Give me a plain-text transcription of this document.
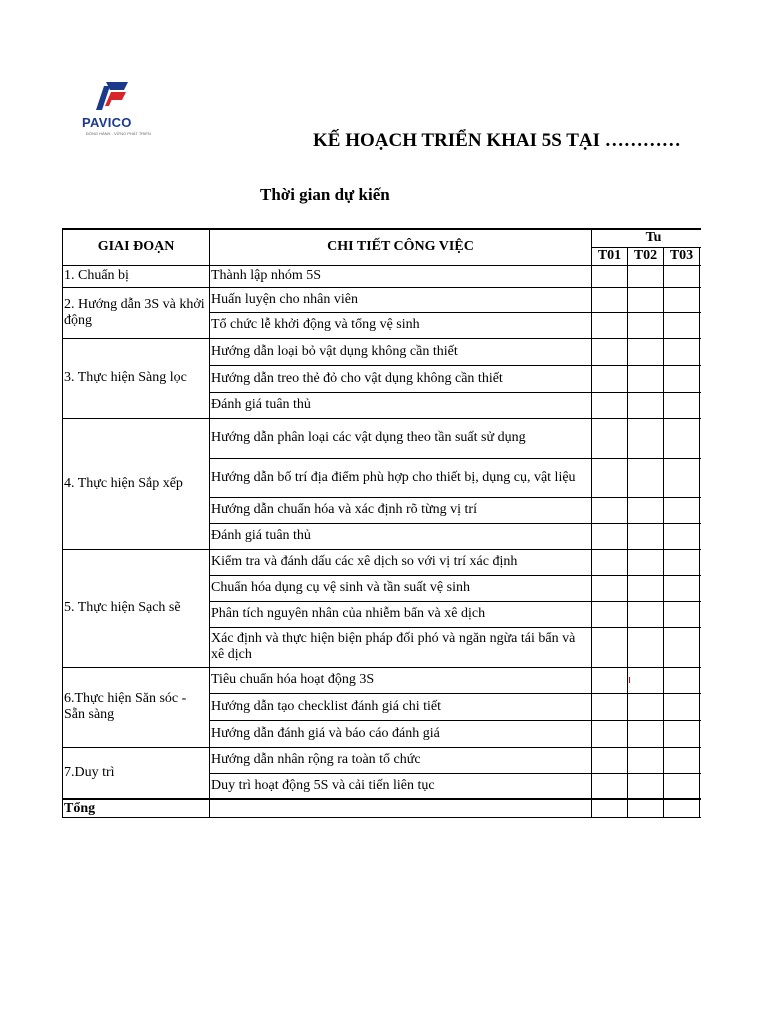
PAVICO
ĐỒNG HÀNH - VỮNG PHÁT TRIỂN	KẾ HOẠCH TRIỂN KHAI 5S TẠI …………
Thời gian dự kiến
GIAI ĐOẠN	CHI TIẾT CÔNG VIỆC	Tu			
		T01	T02	T03	
1. Chuẩn bị	Thành lập nhóm 5S				
2. Hướng dẫn 3S và khởi động	Huấn luyện cho nhân viên				
	Tổ chức lễ khởi động và tổng vệ sinh				
3. Thực hiện Sàng lọc	Hướng dẫn loại bỏ vật dụng không cần thiết				
	Hướng dẫn treo thẻ đỏ cho vật dụng không cần thiết				
	Đánh giá tuân thủ				
4. Thực hiện Sắp xếp	Hướng dẫn phân loại các vật dụng theo tần suất sử dụng				
	Hướng dẫn bố trí địa điểm phù hợp cho thiết bị, dụng cụ, vật liệu				
	Hướng dẫn chuẩn hóa và xác định rõ từng vị trí				
	Đánh giá tuân thủ				
5. Thực hiện Sạch sẽ	Kiểm tra và đánh dấu các xê dịch so với vị trí xác định				
	Chuẩn hóa dụng cụ vệ sinh và tần suất vệ sinh				
	Phân tích nguyên nhân của nhiễm bẩn và xê dịch				
	Xác định và thực hiện biện pháp đối phó và ngăn ngừa tái bẩn và xê dịch				
6.Thực hiện Săn sóc - Sẵn sàng	Tiêu chuẩn hóa hoạt động 3S		

	Hướng dẫn tạo checklist đánh giá chi tiết				
	Hướng dẫn đánh giá và báo cáo đánh giá				
7.Duy trì	Hướng dẫn nhân rộng ra toàn tổ chức				
	Duy trì hoạt động 5S và cải tiến liên tục				
Tổng					
